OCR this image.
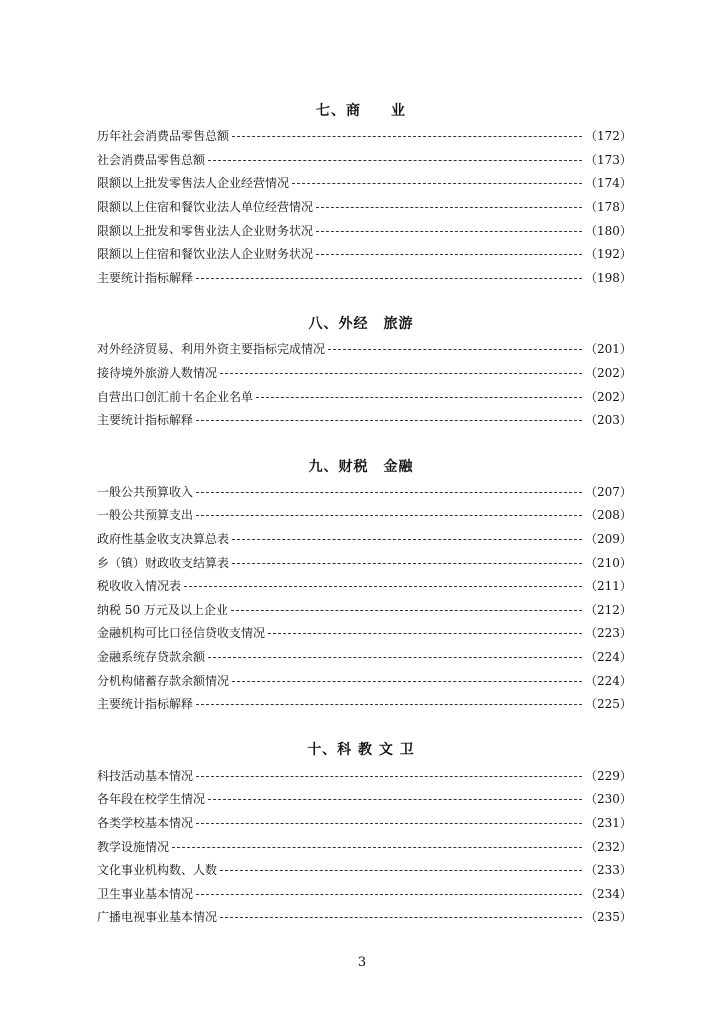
七、商　　业
历年社会消费品零售总额	（172）
社会消费品零售总额	（173）
限额以上批发零售法人企业经营情况	（174）
限额以上住宿和餐饮业法人单位经营情况	（178）
限额以上批发和零售业法人企业财务状况	（180）
限额以上住宿和餐饮业法人企业财务状况	（192）
主要统计指标解释	（198）
八、外经　旅游
对外经济贸易、利用外资主要指标完成情况	（201）
接待境外旅游人数情况	（202）
自营出口创汇前十名企业名单	（202）
主要统计指标解释	（203）
九、财税　金融
一般公共预算收入	（207）
一般公共预算支出	（208）
政府性基金收支决算总表	（209）
乡（镇）财政收支结算表	（210）
税收收入情况表	（211）
纳税 50 万元及以上企业	（212）
金融机构可比口径信贷收支情况	（223）
金融系统存贷款余额	（224）
分机构储蓄存款余额情况	（224）
主要统计指标解释	（225）
十、科 教 文 卫
科技活动基本情况	（229）
各年段在校学生情况	（230）
各类学校基本情况	（231）
教学设施情况	（232）
文化事业机构数、人数	（233）
卫生事业基本情况	（234）
广播电视事业基本情况	（235）
3
